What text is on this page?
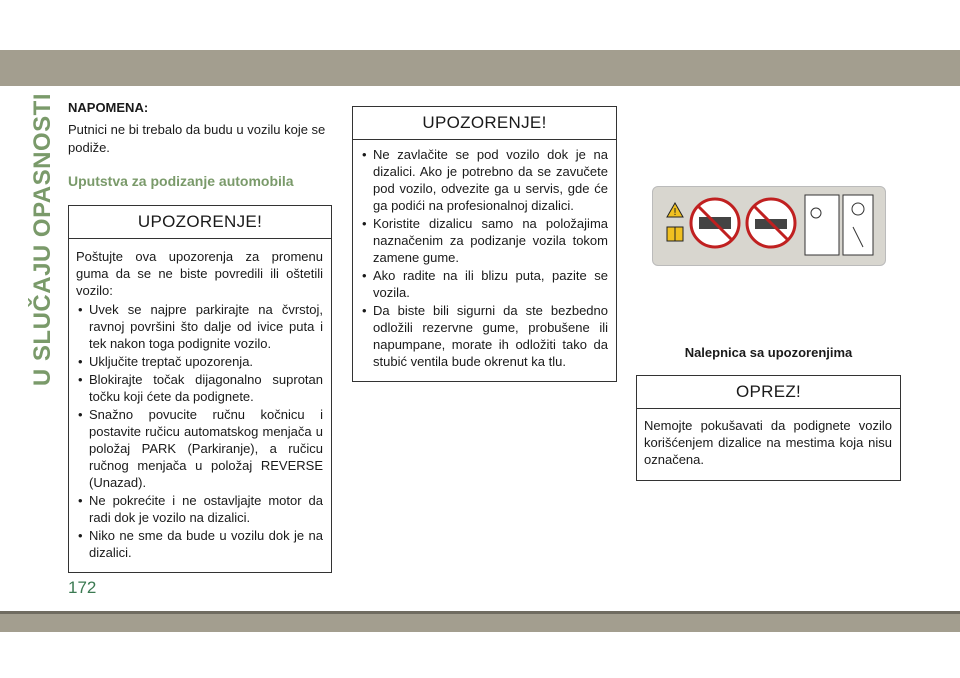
U SLUČAJU OPASNOSTI NAPOMENA:

Putnici ne bi trebalo da budu u vozilu koje se podiže.

Uputstva za podizanje automobila
UPOZORENJE!

Poštujte ova upozorenja za promenu guma da se ne biste povredili ili oštetili vozilo:

• Uvek se najpre parkirajte na čvrstoj, ravnoj površini što dalje od ivice puta i tek nakon toga podignite vozilo.
• Uključite treptač upozorenja.
• Blokirajte točak dijagonalno suprotan točku koji ćete da podignete.
• Snažno povucite ručnu kočnicu i postavite ručicu automatskog menjača u položaj PARK (Parkiranje), a ručicu ručnog menjača u položaj REVERSE (Unazad).
• Ne pokrećite i ne ostavljajte motor da radi dok je vozilo na dizalici.
• Niko ne sme da bude u vozilu dok je na dizalici.
UPOZORENJE!
• Ne zavlačite se pod vozilo dok je na dizalici. Ako je potrebno da se zavučete pod vozilo, odvezite ga u servis, gde će ga podići na profesionalnoj dizalici.
• Koristite dizalicu samo na položajima naznačenim za podizanje vozila tokom zamene gume.
• Ako radite na ili blizu puta, pazite se vozila.
• Da biste bili sigurni da ste bezbedno odložili rezervne gume, probušene ili napumpane, morate ih odložiti tako da stubić ventila bude okrenut ka tlu.
!
Nalepnica sa upozorenjima
OPREZ!

Nemojte pokušavati da podignete vozilo korišćenjem dizalice na mestima koja nisu označena.

172
